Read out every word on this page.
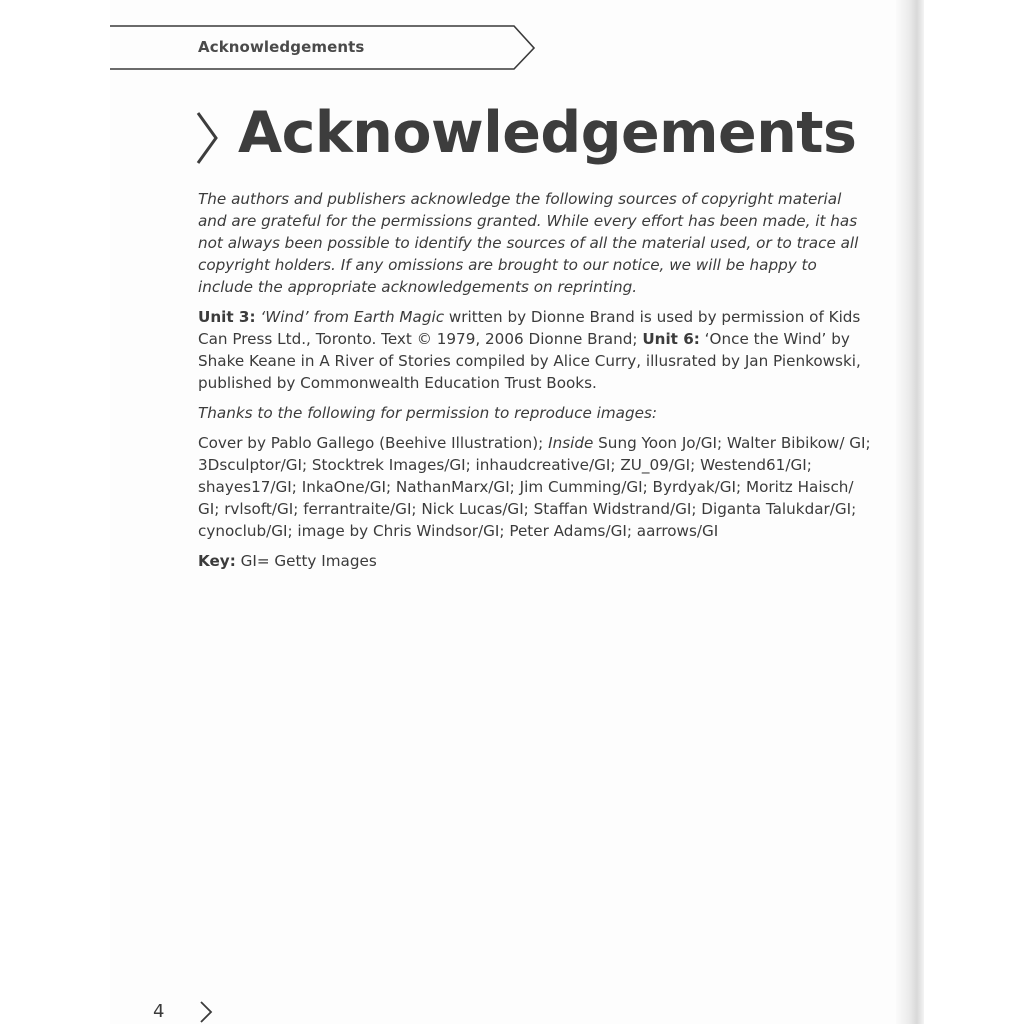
Acknowledgements
Acknowledgements

The authors and publishers acknowledge the following sources of copyright material and are grateful for the permissions granted. While every effort has been made, it has not always been possible to identify the sources of all the material used, or to trace all copyright holders. If any omissions are brought to our notice, we will be happy to include the appropriate acknowledgements on reprinting.

Unit 3: ‘Wind’ from Earth Magic written by Dionne Brand is used by permission of Kids Can Press Ltd., Toronto. Text © 1979, 2006 Dionne Brand; Unit 6: ‘Once the Wind’ by Shake Keane in A River of Stories compiled by Alice Curry, illusrated by Jan Pienkowski, published by Commonwealth Education Trust Books.

Thanks to the following for permission to reproduce images:

Cover by Pablo Gallego (Beehive Illustration); Inside Sung Yoon Jo/GI; Walter Bibikow/ GI; 3Dsculptor/GI; Stocktrek Images/GI; inhaudcreative/GI; ZU_09/GI; Westend61/GI; shayes17/GI; InkaOne/GI; NathanMarx/GI; Jim Cumming/GI; Byrdyak/GI; Moritz Haisch/ GI; rvlsoft/GI; ferrantraite/GI; Nick Lucas/GI; Staffan Widstrand/GI; Diganta Talukdar/GI; cynoclub/GI; image by Chris Windsor/GI; Peter Adams/GI; aarrows/GI

Key: GI= Getty Images

4
